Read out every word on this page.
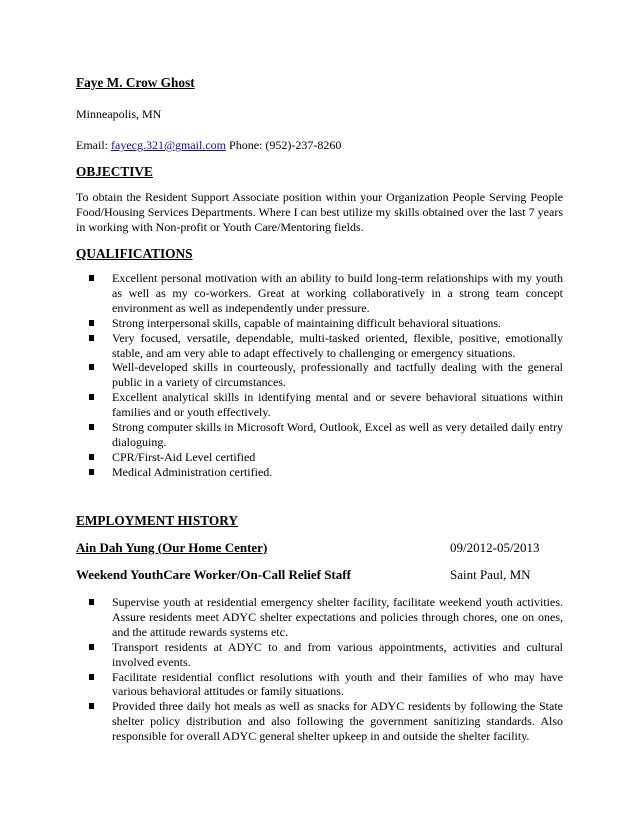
Faye M. Crow Ghost
Minneapolis, MN
Email: fayecg.321@gmail.com Phone: (952)-237-8260
OBJECTIVE
To obtain the Resident Support Associate position within your Organization People Serving People Food/Housing Services Departments. Where I can best utilize my skills obtained over the last 7 years in working with Non-profit or Youth Care/Mentoring fields.
QUALIFICATIONS
Excellent personal motivation with an ability to build long-term relationships with my youth as well as my co-workers. Great at working collaboratively in a strong team concept environment as well as independently under pressure.
Strong interpersonal skills, capable of maintaining difficult behavioral situations.
Very focused, versatile, dependable, multi-tasked oriented, flexible, positive, emotionally stable, and am very able to adapt effectively to challenging or emergency situations.
Well-developed skills in courteously, professionally and tactfully dealing with the general public in a variety of circumstances.
Excellent analytical skills in identifying mental and or severe behavioral situations within families and or youth effectively.
Strong computer skills in Microsoft Word, Outlook, Excel as well as very detailed daily entry dialoguing.
CPR/First-Aid Level certified
Medical Administration certified.
EMPLOYMENT HISTORY
Ain Dah Yung (Our Home Center)	09/2012-05/2013
Weekend YouthCare Worker/On-Call Relief Staff	Saint Paul, MN
Supervise youth at residential emergency shelter facility, facilitate weekend youth activities. Assure residents meet ADYC shelter expectations and policies through chores, one on ones, and the attitude rewards systems etc.
Transport residents at ADYC to and from various appointments, activities and cultural involved events.
Facilitate residential conflict resolutions with youth and their families of who may have various behavioral attitudes or family situations.
Provided three daily hot meals as well as snacks for ADYC residents by following the State shelter policy distribution and also following the government sanitizing standards. Also responsible for overall ADYC general shelter upkeep in and outside the shelter facility.
